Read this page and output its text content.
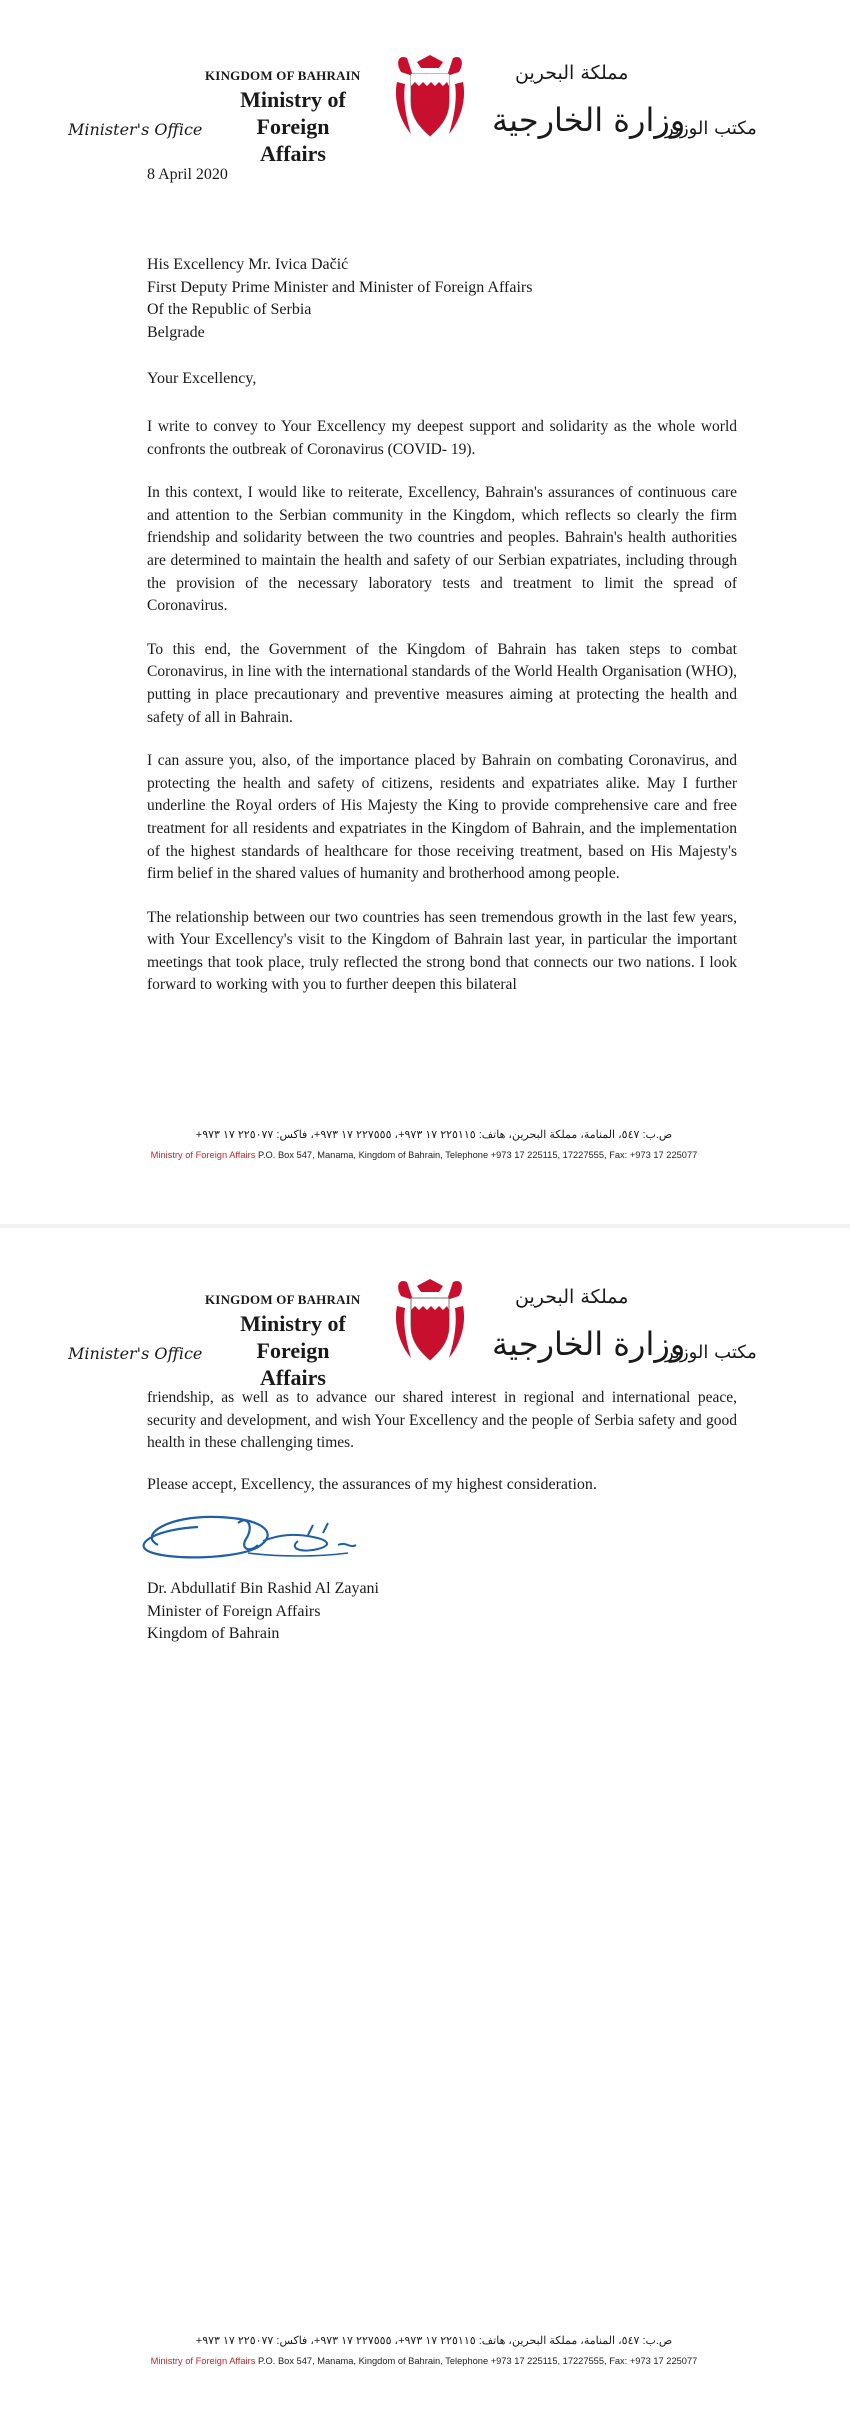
KINGDOM OF BAHRAIN
Ministry of
Foreign Affairs
Minister's Office
مملكة البحرين
وزارة الخارجية
مكتب الوزير
8 April 2020
His Excellency Mr. Ivica Dačić
First Deputy Prime Minister and Minister of Foreign Affairs
Of the Republic of Serbia
Belgrade
Your Excellency,

I write to convey to Your Excellency my deepest support and solidarity as the whole world confronts the outbreak of Coronavirus (COVID- 19).

In this context, I would like to reiterate, Excellency, Bahrain's assurances of continuous care and attention to the Serbian community in the Kingdom, which reflects so clearly the firm friendship and solidarity between the two countries and peoples. Bahrain's health authorities are determined to maintain the health and safety of our Serbian expatriates, including through the provision of the necessary laboratory tests and treatment to limit the spread of Coronavirus.

To this end, the Government of the Kingdom of Bahrain has taken steps to combat Coronavirus, in line with the international standards of the World Health Organisation (WHO), putting in place precautionary and preventive measures aiming at protecting the health and safety of all in Bahrain.

I can assure you, also, of the importance placed by Bahrain on combating Coronavirus, and protecting the health and safety of citizens, residents and expatriates alike. May I further underline the Royal orders of His Majesty the King to provide comprehensive care and free treatment for all residents and expatriates in the Kingdom of Bahrain, and the implementation of the highest standards of healthcare for those receiving treatment, based on His Majesty's firm belief in the shared values of humanity and brotherhood among people.

The relationship between our two countries has seen tremendous growth in the last few years, with Your Excellency's visit to the Kingdom of Bahrain last year, in particular the important meetings that took place, truly reflected the strong bond that connects our two nations. I look forward to working with you to further deepen this bilateral

ص.ب: ٥٤٧، المنامة، مملكة البحرين، هاتف: ٢٢٥١١٥ ١٧ ٩٧٣+، ٢٢٧٥٥٥ ١٧ ٩٧٣+، فاكس: ٢٢٥٠٧٧ ١٧ ٩٧٣+
Ministry of Foreign Affairs P.O. Box 547, Manama, Kingdom of Bahrain, Telephone +973 17 225115, 17227555, Fax: +973 17 225077
KINGDOM OF BAHRAIN
Ministry of
Foreign Affairs
Minister's Office
مملكة البحرين
وزارة الخارجية
مكتب الوزير

friendship, as well as to advance our shared interest in regional and international peace, security and development, and wish Your Excellency and the people of Serbia safety and good health in these challenging times.

Please accept, Excellency, the assurances of my highest consideration.
Dr. Abdullatif Bin Rashid Al Zayani
Minister of Foreign Affairs
Kingdom of Bahrain
ص.ب: ٥٤٧، المنامة، مملكة البحرين، هاتف: ٢٢٥١١٥ ١٧ ٩٧٣+، ٢٢٧٥٥٥ ١٧ ٩٧٣+، فاكس: ٢٢٥٠٧٧ ١٧ ٩٧٣+
Ministry of Foreign Affairs P.O. Box 547, Manama, Kingdom of Bahrain, Telephone +973 17 225115, 17227555, Fax: +973 17 225077
